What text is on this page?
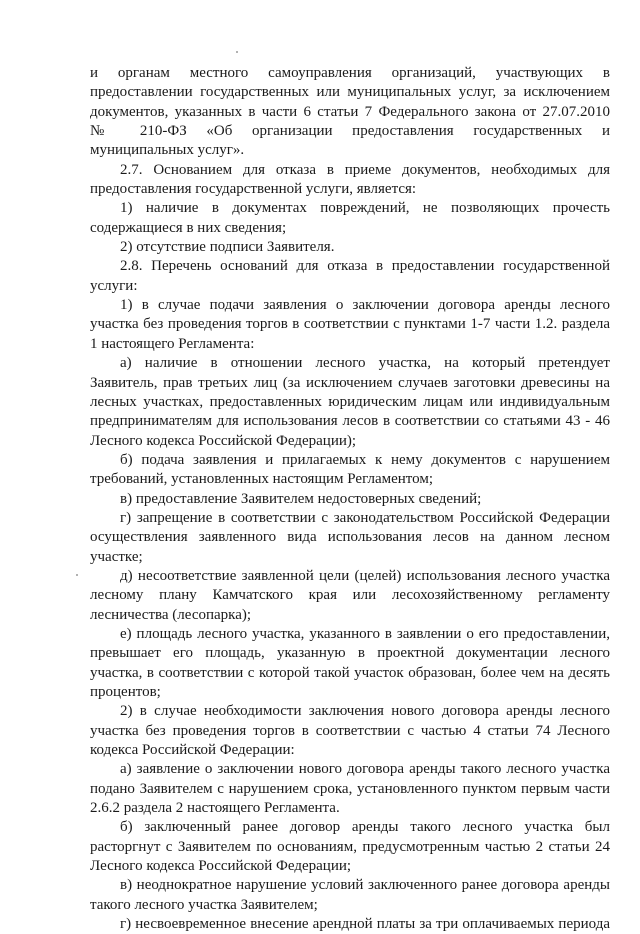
и органам местного самоуправления организаций, участвующих в
предоставлении государственных или муниципальных услуг, за исключением
документов, указанных в части 6 статьи 7 Федерального закона от 27.07.2010
№ 210-ФЗ «Об организации предоставления государственных и
муниципальных услуг».
2.7. Основанием для отказа в приеме документов, необходимых для
предоставления государственной услуги, является:
1) наличие в документах повреждений, не позволяющих прочесть
содержащиеся в них сведения;
2) отсутствие подписи Заявителя.
2.8. Перечень оснований для отказа в предоставлении государственной
услуги:
1) в случае подачи заявления о заключении договора аренды лесного
участка без проведения торгов в соответствии с пунктами 1-7 части 1.2. раздела
1 настоящего Регламента:
а) наличие в отношении лесного участка, на который претендует
Заявитель, прав третьих лиц (за исключением случаев заготовки древесины на
лесных участках, предоставленных юридическим лицам или индивидуальным
предпринимателям для использования лесов в соответствии со статьями 43 - 46
Лесного кодекса Российской Федерации);
б) подача заявления и прилагаемых к нему документов с нарушением
требований, установленных настоящим Регламентом;
в) предоставление Заявителем недостоверных сведений;
г) запрещение в соответствии с законодательством Российской Федерации
осуществления заявленного вида использования лесов на данном лесном
участке;
д) несоответствие заявленной цели (целей) использования лесного участка
лесному плану Камчатского края или лесохозяйственному регламенту
лесничества (лесопарка);
е) площадь лесного участка, указанного в заявлении о его предоставлении,
превышает его площадь, указанную в проектной документации лесного
участка, в соответствии с которой такой участок образован, более чем на десять
процентов;
2) в случае необходимости заключения нового договора аренды лесного
участка без проведения торгов в соответствии с частью 4 статьи 74 Лесного
кодекса Российской Федерации:
а) заявление о заключении нового договора аренды такого лесного участка
подано Заявителем с нарушением срока, установленного пунктом первым части
2.6.2 раздела 2 настоящего Регламента.
б) заключенный ранее договор аренды такого лесного участка был
расторгнут с Заявителем по основаниям, предусмотренным частью 2 статьи 24
Лесного кодекса Российской Федерации;
в) неоднократное нарушение условий заключенного ранее договора аренды
такого лесного участка Заявителем;
г) несвоевременное внесение арендной платы за три оплачиваемых периода
